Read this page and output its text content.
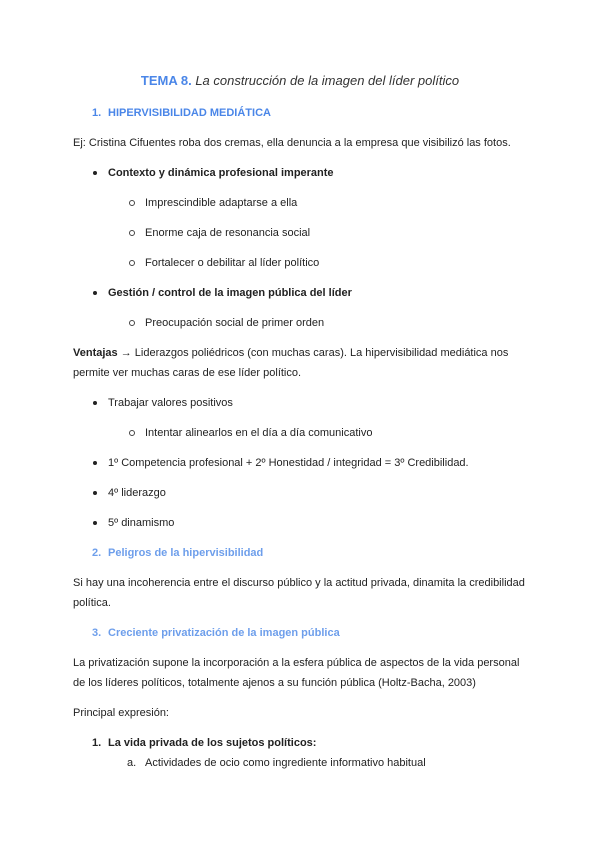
TEMA 8. La construcción de la imagen del líder político
1. HIPERVISIBILIDAD MEDIÁTICA
Ej: Cristina Cifuentes roba dos cremas, ella denuncia a la empresa que visibilizó las fotos.
Contexto y dinámica profesional imperante
Imprescindible adaptarse a ella
Enorme caja de resonancia social
Fortalecer o debilitar al líder político
Gestión / control de la imagen pública del líder
Preocupación social de primer orden
Ventajas → Liderazgos poliédricos (con muchas caras). La hipervisibilidad mediática nos
permite ver muchas caras de ese líder político.
Trabajar valores positivos
Intentar alinearlos en el día a día comunicativo
1º Competencia profesional + 2º Honestidad / integridad = 3º Credibilidad.
4º liderazgo
5º dinamismo
2. Peligros de la hipervisibilidad
Si hay una incoherencia entre el discurso público y la actitud privada, dinamita la credibilidad
política.
3. Creciente privatización de la imagen pública
La privatización supone la incorporación a la esfera pública de aspectos de la vida personal
de los líderes políticos, totalmente ajenos a su función pública (Holtz-Bacha, 2003)
Principal expresión:
1. La vida privada de los sujetos políticos:
a. Actividades de ocio como ingrediente informativo habitual
